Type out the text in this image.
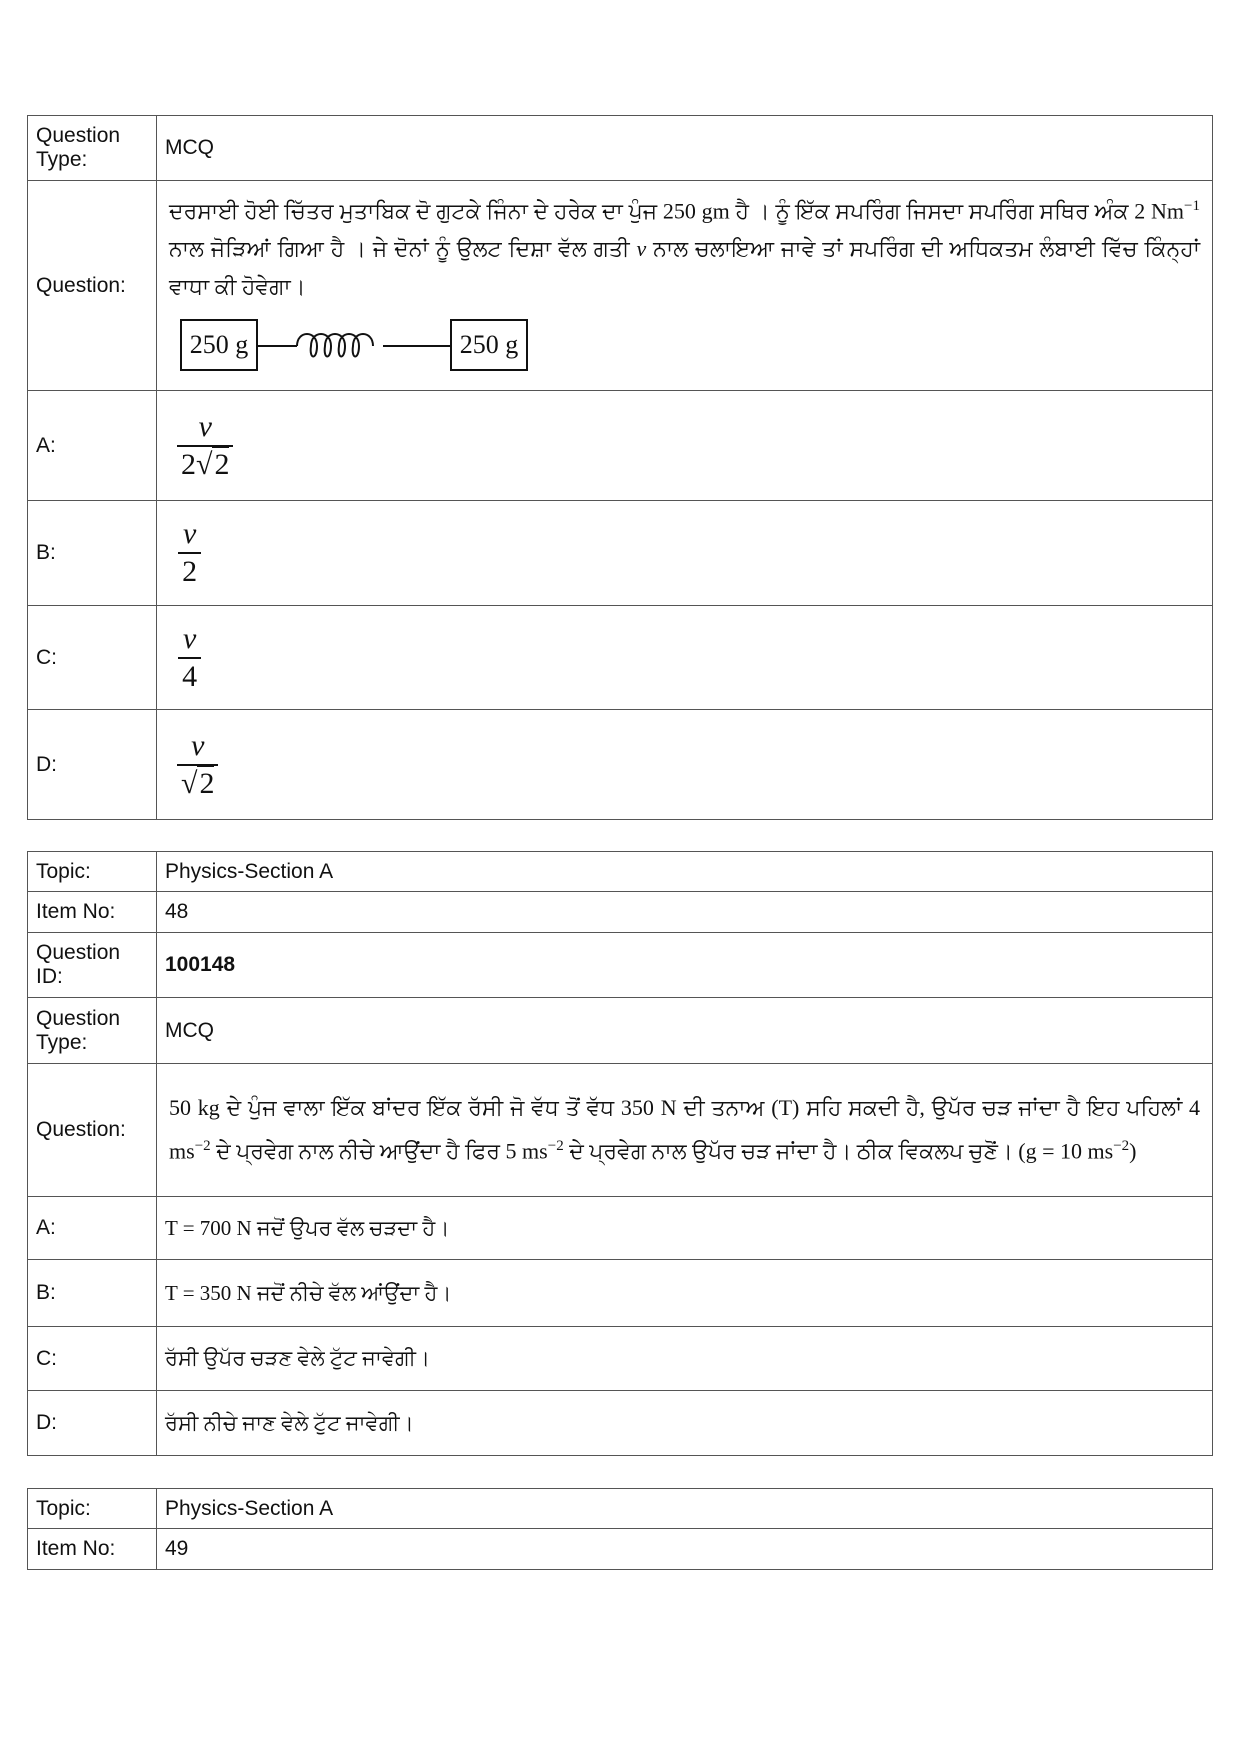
Question Type:	MCQ
Question:	ਦਰਸਾਈ ਹੋਈ ਚਿੱਤਰ ਮੁਤਾਬਿਕ ਦੋ ਗੁਟਕੇ ਜਿੰਨਾ ਦੇ ਹਰੇਕ ਦਾ ਪੁੰਜ 250 gm ਹੈ । ਨੂੰ ਇੱਕ ਸਪਰਿੰਗ ਜਿਸਦਾ ਸਪਰਿੰਗ ਸਥਿਰ ਅੰਕ 2 $Nm^{-1}$ ਨਾਲ ਜੋੜਿਆਂ ਗਿਆ ਹੈ । ਜੇ ਦੋਨਾਂ ਨੂੰ ਉਲਟ ਦਿਸ਼ਾ ਵੱਲ ਗਤੀ v ਨਾਲ ਚਲਾਇਆ ਜਾਵੇ ਤਾਂ ਸਪਰਿੰਗ ਦੀ ਅਧਿਕਤਮ ਲੰਬਾਈ ਵਿੱਚ ਕਿੰਨ੍ਹਾਂ ਵਾਧਾ ਕੀ ਹੋਵੇਗਾ।
250 g 250 g

A:	$\frac{v}{2√2}$

B:	$\frac{v}{2}$

C:	$\frac{v}{4}$

D:	$\frac{v}{√2}$
Topic:	Physics-Section A
Item No:	48
Question ID:	100148
Question Type:	MCQ
Question:	50 kg ਦੇ ਪੁੰਜ ਵਾਲਾ ਇੱਕ ਬਾਂਦਰ ਇੱਕ ਰੱਸੀ ਜੋ ਵੱਧ ਤੋਂ ਵੱਧ 350 N ਦੀ ਤਨਾਅ (T) ਸਹਿ ਸਕਦੀ ਹੈ, ਉਪੱਰ ਚੜ ਜਾਂਦਾ ਹੈ ਇਹ ਪਹਿਲਾਂ 4 $ms^{-2}$ ਦੇ ਪ੍ਰਵੇਗ ਨਾਲ ਨੀਚੇ ਆਉਂਦਾ ਹੈ ਫਿਰ 5 $ms^{-2}$ ਦੇ ਪ੍ਰਵੇਗ ਨਾਲ ਉਪੱਰ ਚੜ ਜਾਂਦਾ ਹੈ। ਠੀਕ ਵਿਕਲਪ ਚੁਣੋਂ। (g = 10 $ms^{-2}$)

A:	T = 700 N ਜਦੋਂ ਉਪਰ ਵੱਲ ਚੜਦਾ ਹੈ।
B:	T = 350 N ਜਦੋਂ ਨੀਚੇ ਵੱਲ ਆਂਉਂਦਾ ਹੈ।
C:	ਰੱਸੀ ਉਪੱਰ ਚੜਣ ਵੇਲੇ ਟੁੱਟ ਜਾਵੇਗੀ।
D:	ਰੱਸੀ ਨੀਚੇ ਜਾਣ ਵੇਲੇ ਟੁੱਟ ਜਾਵੇਗੀ।
Topic:	Physics-Section A
Item No:	49
